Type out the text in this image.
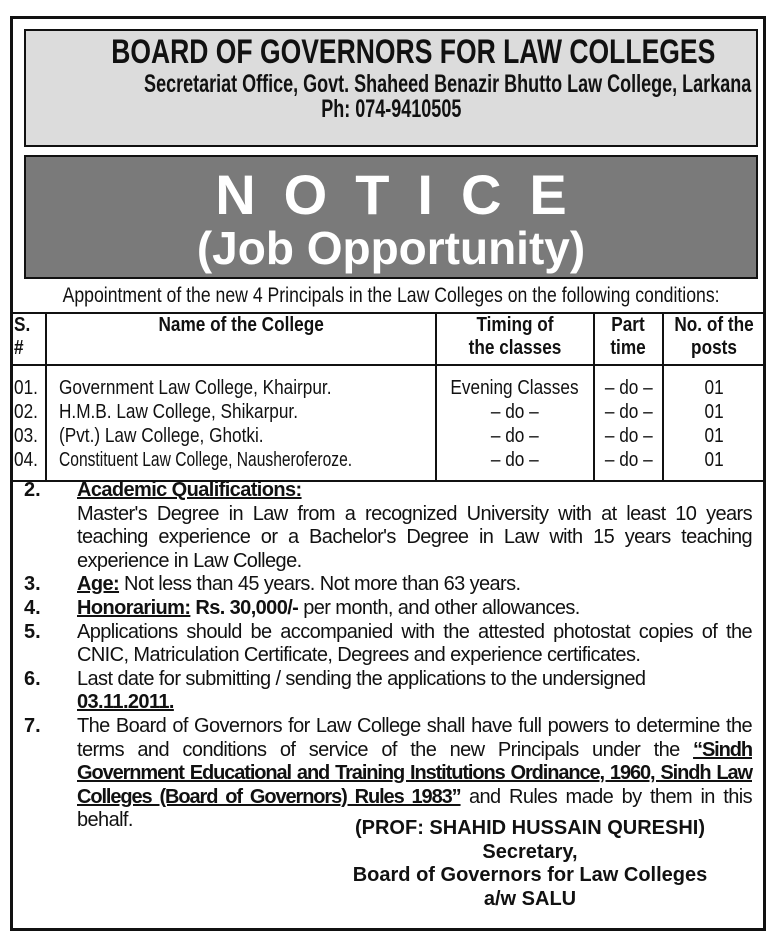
BOARD OF GOVERNORS FOR LAW COLLEGES
Secretariat Office, Govt. Shaheed Benazir Bhutto Law College, Larkana
Ph: 074-9410505
NOTICE
(Job Opportunity)
Appointment of the new 4 Principals in the Law Colleges on the following conditions:
S. #	Name of the College	Timing of the classes	Part time	No. of the posts
01.	Government Law College, Khairpur.	Evening Classes	– do –	01
02.	H.M.B. Law College, Shikarpur.	– do –	– do –	01
03.	(Pvt.) Law College, Ghotki.	– do –	– do –	01
04.	Constituent Law College, Nausheroferoze.	– do –	– do –	01
2.	Academic Qualifications:
Master's Degree in Law from a recognized University with at least 10 years teaching experience or a Bachelor's Degree in Law with 15 years teaching experience in Law College.
3.	Age: Not less than 45 years. Not more than 63 years.
4.	Honorarium: Rs. 30,000/- per month, and other allowances.
5.	Applications should be accompanied with the attested photostat copies of the CNIC, Matriculation Certificate, Degrees and experience certificates.
6.	Last date for submitting / sending the applications to the undersigned
03.11.2011.
7.	The Board of Governors for Law College shall have full powers to determine the terms and conditions of service of the new Principals under the “Sindh Government Educational and Training Institutions Ordinance, 1960, Sindh Law Colleges (Board of Governors) Rules 1983” and Rules made by them in this behalf.	(PROF: SHAHID HUSSAIN QURESHI)
Secretary,
Board of Governors for Law Colleges
a/w SALU
